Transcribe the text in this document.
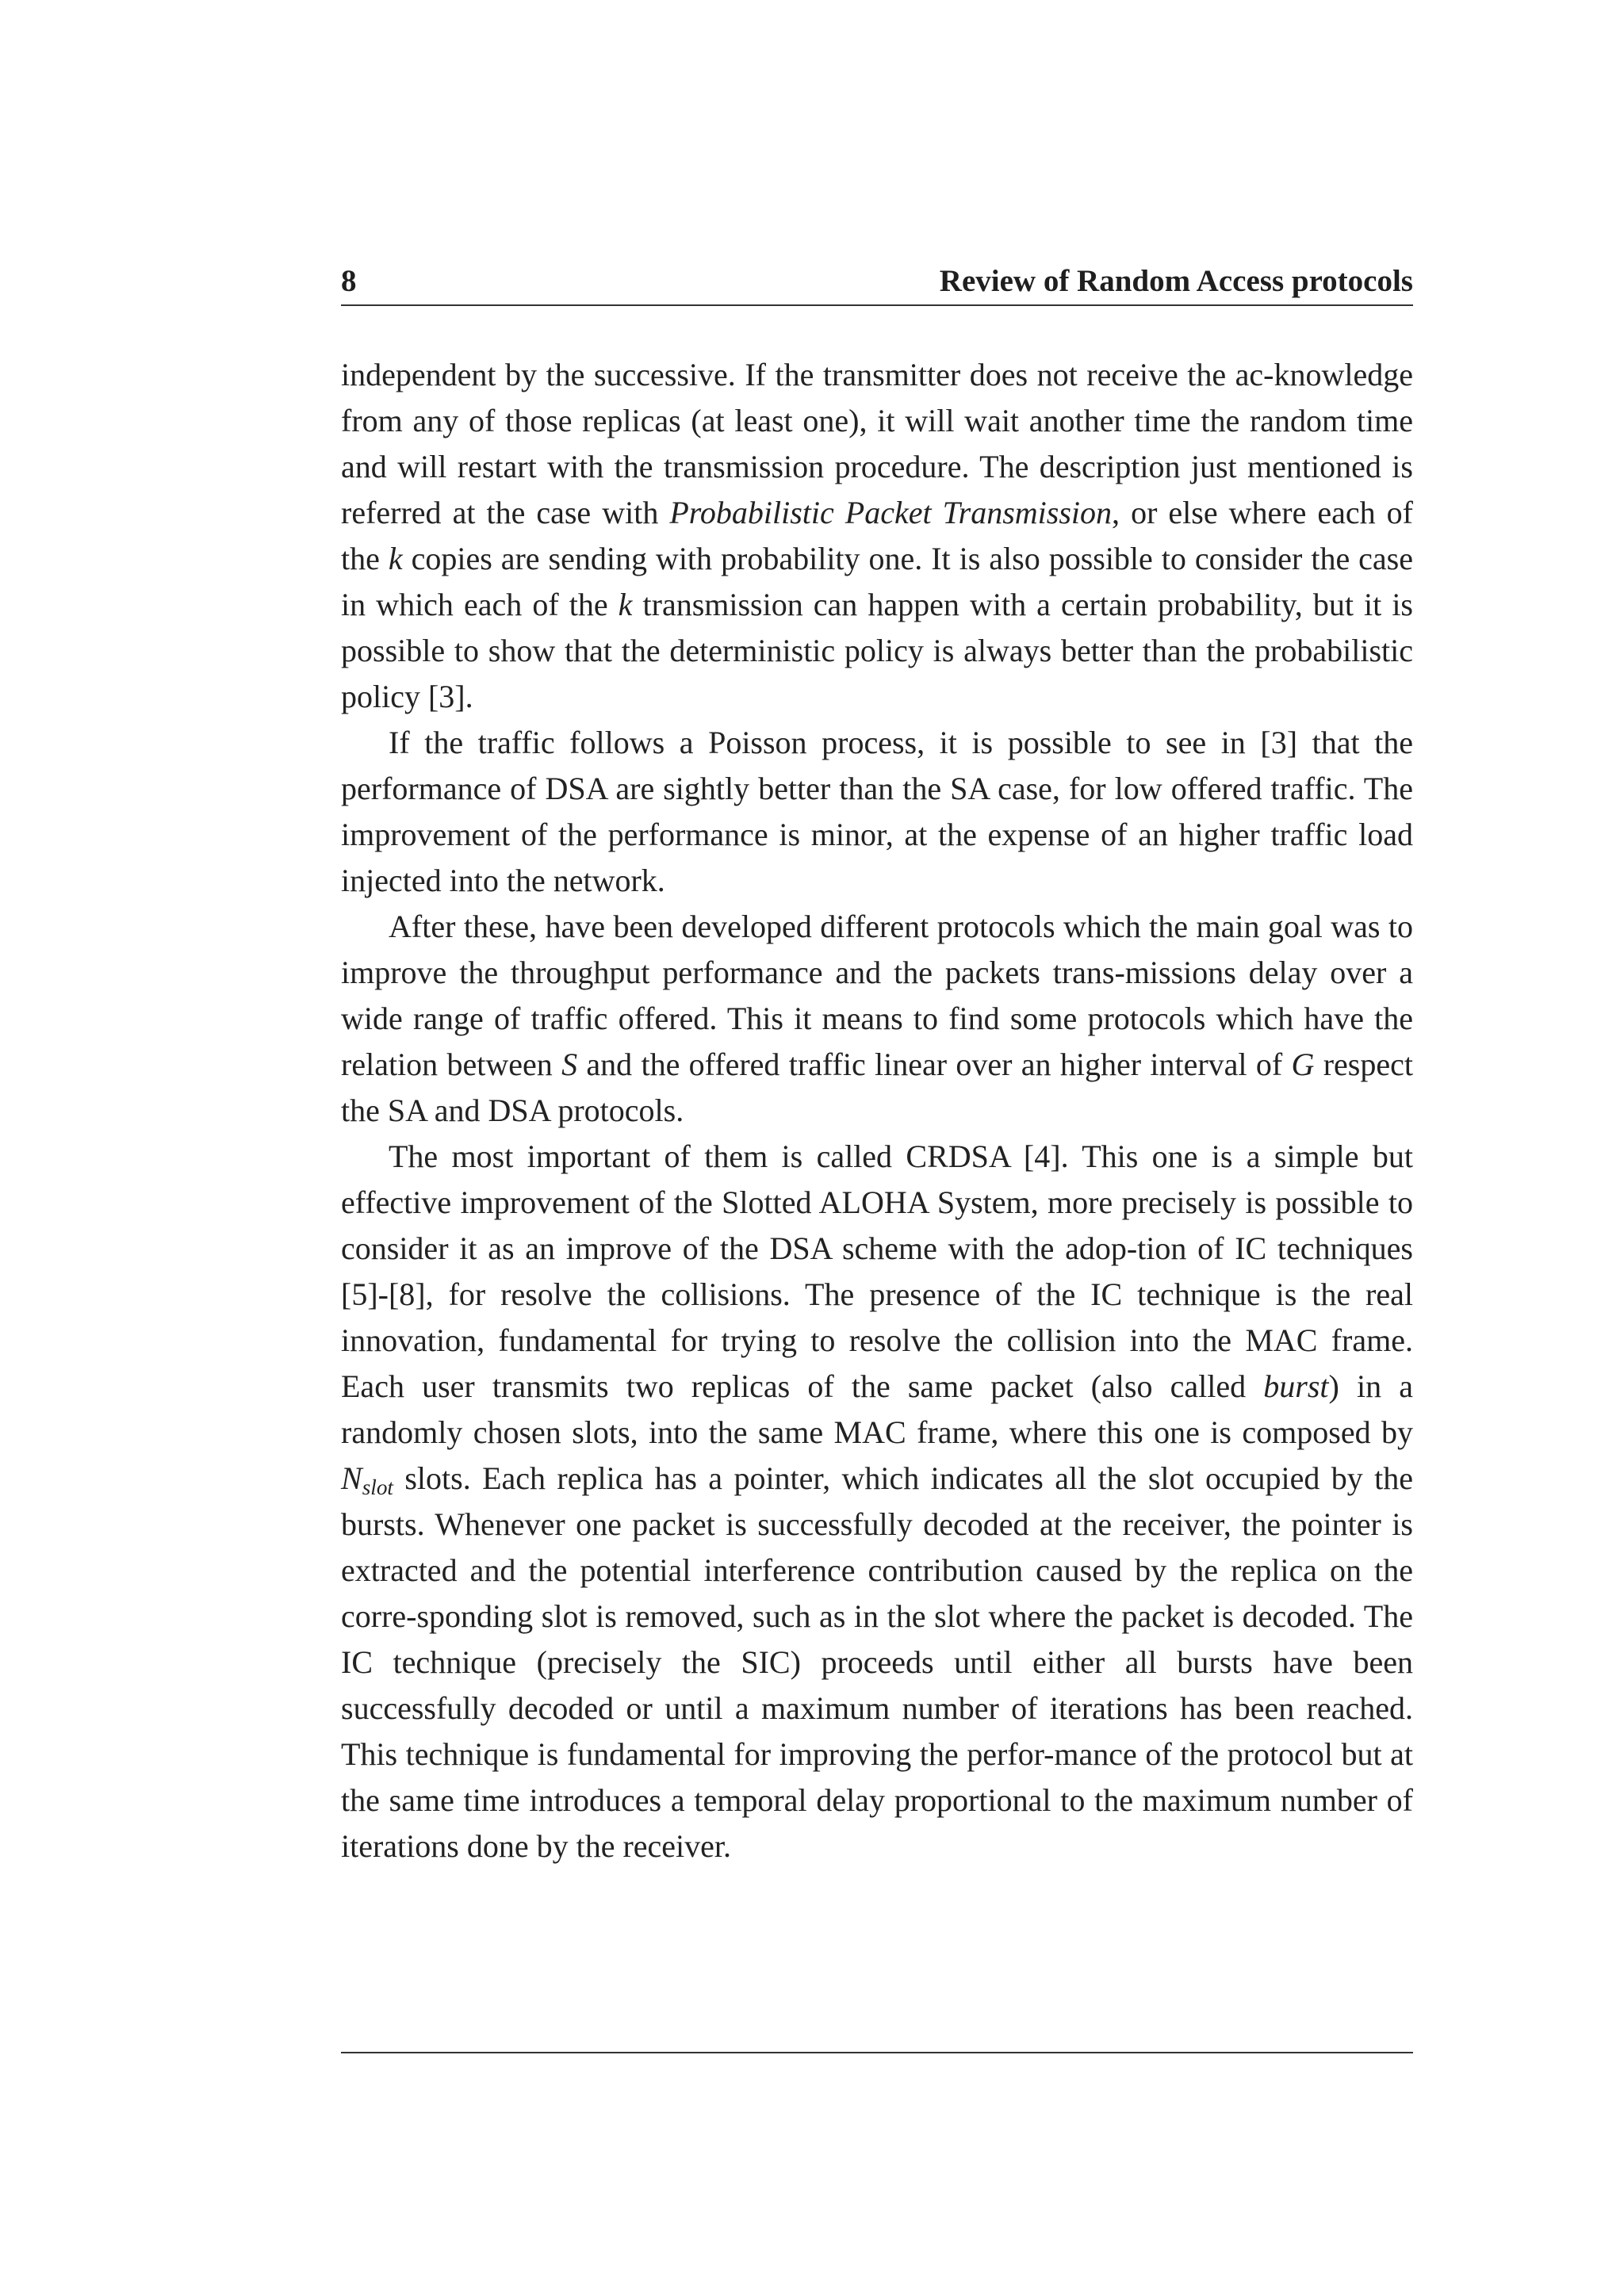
8	Review of Random Access protocols

independent by the successive. If the transmitter does not receive the ac-knowledge from any of those replicas (at least one), it will wait another time the random time and will restart with the transmission procedure. The description just mentioned is referred at the case with Probabilistic Packet Transmission, or else where each of the k copies are sending with probability one. It is also possible to consider the case in which each of the k transmission can happen with a certain probability, but it is possible to show that the deterministic policy is always better than the probabilistic policy [3].

If the traffic follows a Poisson process, it is possible to see in [3] that the performance of DSA are sightly better than the SA case, for low offered traffic. The improvement of the performance is minor, at the expense of an higher traffic load injected into the network.

After these, have been developed different protocols which the main goal was to improve the throughput performance and the packets trans-missions delay over a wide range of traffic offered. This it means to find some protocols which have the relation between S and the offered traffic linear over an higher interval of G respect the SA and DSA protocols.

The most important of them is called CRDSA [4]. This one is a simple but effective improvement of the Slotted ALOHA System, more precisely is possible to consider it as an improve of the DSA scheme with the adop-tion of IC techniques [5]-[8], for resolve the collisions. The presence of the IC technique is the real innovation, fundamental for trying to resolve the collision into the MAC frame. Each user transmits two replicas of the same packet (also called burst) in a randomly chosen slots, into the same MAC frame, where this one is composed by $N_{slot}$ slots. Each replica has a pointer, which indicates all the slot occupied by the bursts. Whenever one packet is successfully decoded at the receiver, the pointer is extracted and the potential interference contribution caused by the replica on the corre-sponding slot is removed, such as in the slot where the packet is decoded. The IC technique (precisely the SIC) proceeds until either all bursts have been successfully decoded or until a maximum number of iterations has been reached. This technique is fundamental for improving the perfor-mance of the protocol but at the same time introduces a temporal delay proportional to the maximum number of iterations done by the receiver.
